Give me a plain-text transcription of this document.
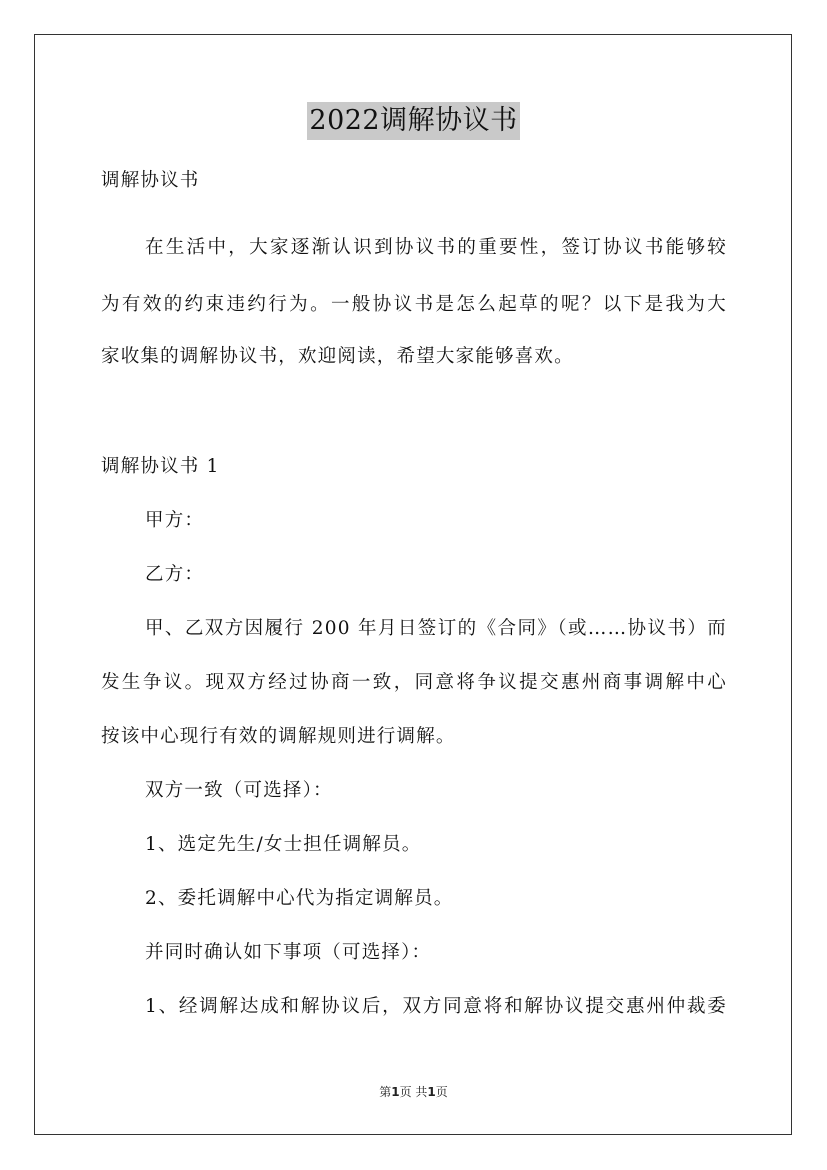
2022调解协议书
调解协议书
在生活中，大家逐渐认识到协议书的重要性，签订协议书能够较
为有效的约束违约行为。一般协议书是怎么起草的呢？以下是我为大
家收集的调解协议书，欢迎阅读，希望大家能够喜欢。
调解协议书 1
甲方：
乙方：
甲、乙双方因履行 200 年月日签订的《合同》（或……协议书）而
发生争议。现双方经过协商一致，同意将争议提交惠州商事调解中心
按该中心现行有效的调解规则进行调解。
双方一致（可选择）：
1、选定先生/女士担任调解员。
2、委托调解中心代为指定调解员。
并同时确认如下事项（可选择）：
1、经调解达成和解协议后，双方同意将和解协议提交惠州仲裁委
第1页 共1页
